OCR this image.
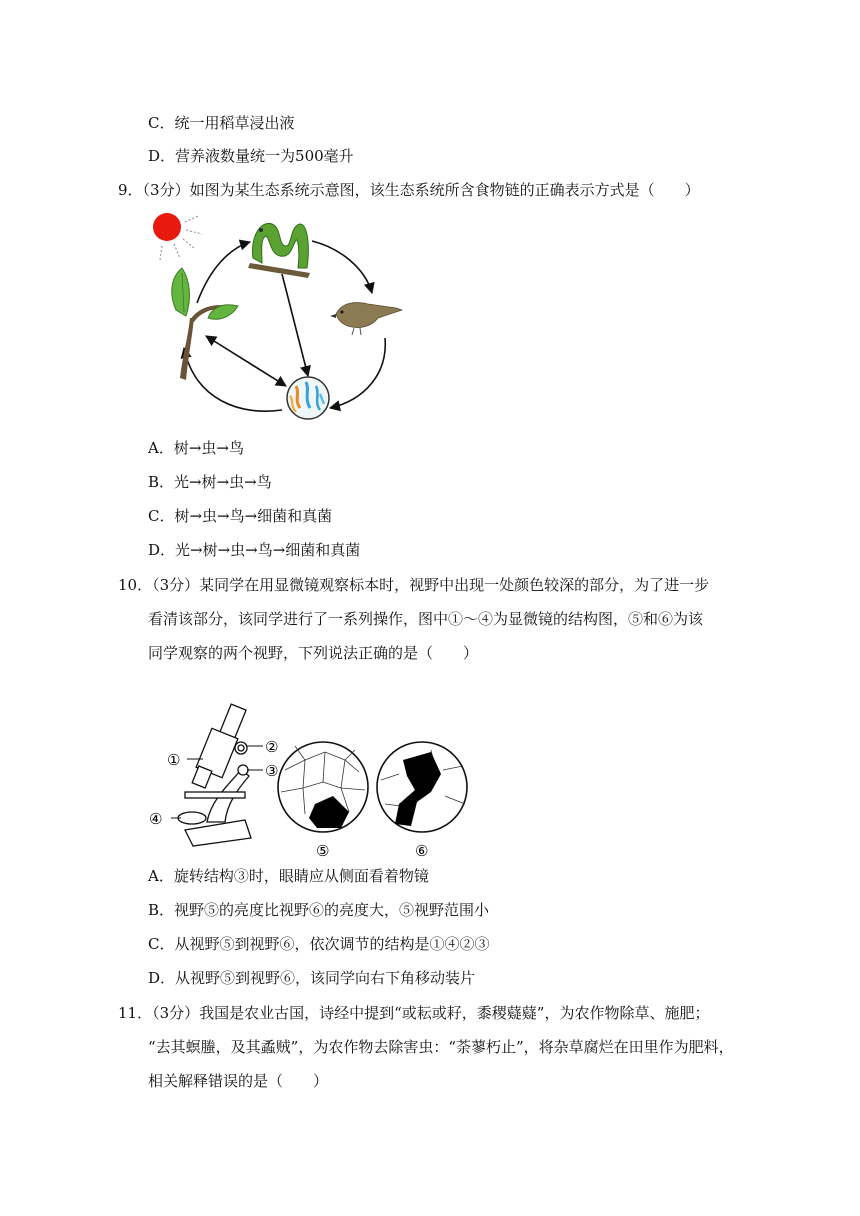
C．统一用稻草浸出液
D．营养液数量统一为500毫升
9．（3分）如图为某生态系统示意图，该生态系统所含食物链的正确表示方式是（　　）
A．树→虫→鸟
B．光→树→虫→鸟
C．树→虫→鸟→细菌和真菌
D．光→树→虫→鸟→细菌和真菌
10．（3分）某同学在用显微镜观察标本时，视野中出现一处颜色较深的部分，为了进一步
看清该部分，该同学进行了一系列操作，图中①～④为显微镜的结构图，⑤和⑥为该
同学观察的两个视野，下列说法正确的是（　　）
①
②
③
④
⑤	⑥
A．旋转结构③时，眼睛应从侧面看着物镜
B．视野⑤的亮度比视野⑥的亮度大，⑤视野范围小
C．从视野⑤到视野⑥，依次调节的结构是①④②③
D．从视野⑤到视野⑥，该同学向右下角移动装片
11．（3分）我国是农业古国，诗经中提到“或耘或耔，黍稷薿薿”，为农作物除草、施肥；
“去其螟螣，及其蟊贼”，为农作物去除害虫：“荼蓼朽止”，将杂草腐烂在田里作为肥料，
相关解释错误的是（　　）
